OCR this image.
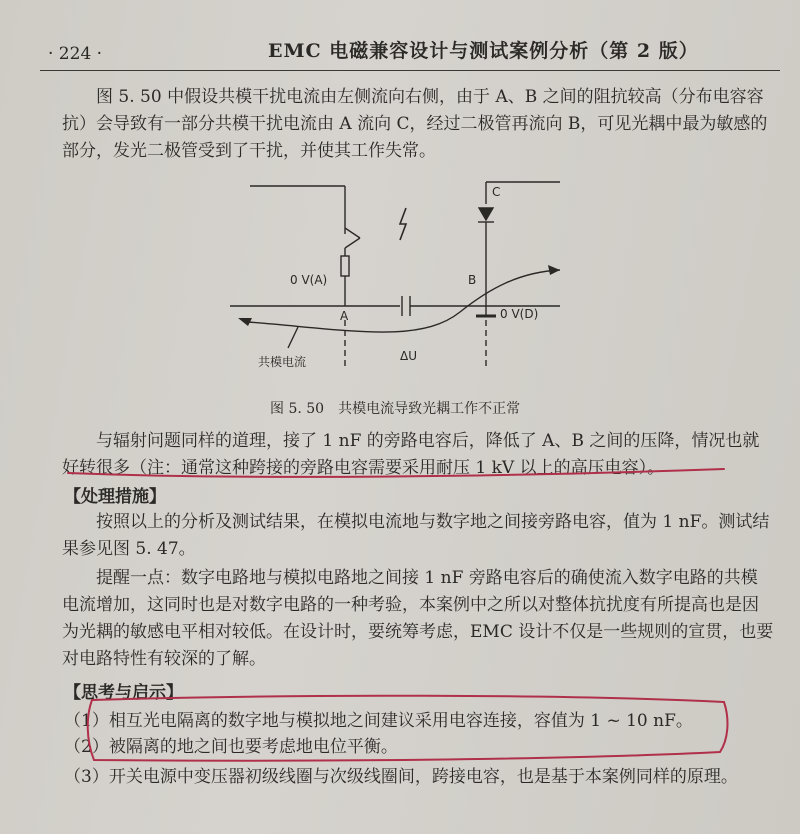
· 224 ·	EMC 电磁兼容设计与测试案例分析（第 2 版）
图 5. 50 中假设共模干扰电流由左侧流向右侧，由于 A、B 之间的阻抗较高（分布电容容抗）会导致有一部分共模干扰电流由 A 流向 C，经过二极管再流向 B，可见光耦中最为敏感的部分，发光二极管受到了干扰，并使其工作失常。
0 V(A)
A
B
C
0 V(D)
ΔU
共模电流
图 5. 50　共模电流导致光耦工作不正常
与辐射问题同样的道理，接了 1 nF 的旁路电容后，降低了 A、B 之间的压降，情况也就好转很多（注：通常这种跨接的旁路电容需要采用耐压 1 kV 以上的高压电容）。
【处理措施】
按照以上的分析及测试结果，在模拟电流地与数字地之间接旁路电容，值为 1 nF。测试结果参见图 5. 47。
提醒一点：数字电路地与模拟电路地之间接 1 nF 旁路电容后的确使流入数字电路的共模电流增加，这同时也是对数字电路的一种考验，本案例中之所以对整体抗扰度有所提高也是因为光耦的敏感电平相对较低。在设计时，要统筹考虑，EMC 设计不仅是一些规则的宣贯，也要对电路特性有较深的了解。
【思考与启示】
（1）相互光电隔离的数字地与模拟地之间建议采用电容连接，容值为 1 ~ 10 nF。
（2）被隔离的地之间也要考虑地电位平衡。
（3）开关电源中变压器初级线圈与次级线圈间，跨接电容，也是基于本案例同样的原理。
